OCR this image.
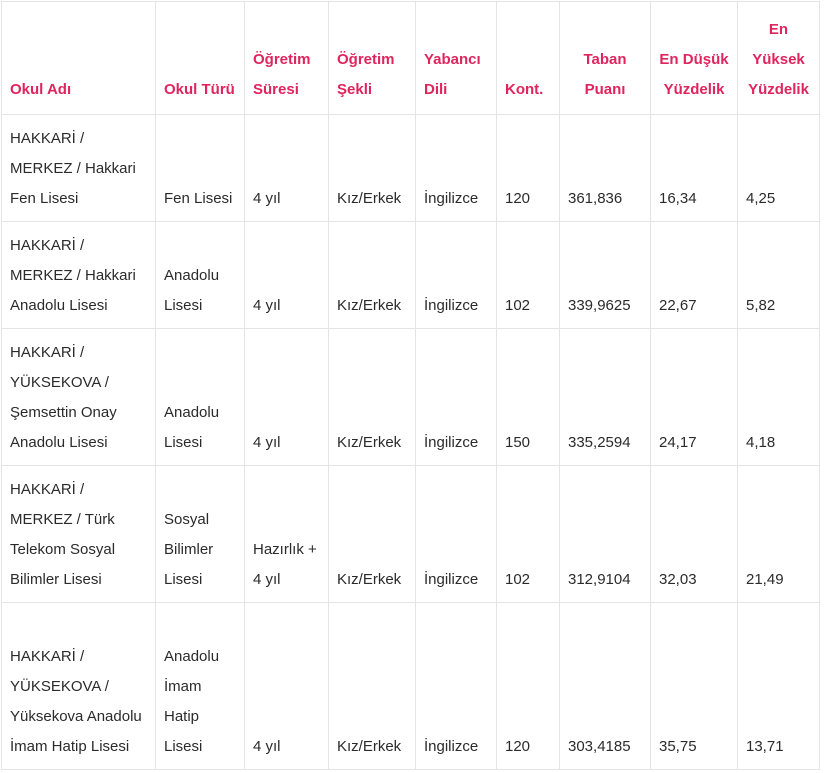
Okul Adı	Okul Türü	Öğretim Süresi	Öğretim Şekli	Yabancı Dili	Kont.	Taban Puanı	En Düşük Yüzdelik	En Yüksek Yüzdelik
HAKKARİ / MERKEZ / Hakkari Fen Lisesi	Fen Lisesi	4 yıl	Kız/Erkek	İngilizce	120	361,836	16,34	4,25
HAKKARİ / MERKEZ / Hakkari Anadolu Lisesi	Anadolu Lisesi	4 yıl	Kız/Erkek	İngilizce	102	339,9625	22,67	5,82
HAKKARİ / YÜKSEKOVA / Şemsettin Onay Anadolu Lisesi	Anadolu Lisesi	4 yıl	Kız/Erkek	İngilizce	150	335,2594	24,17	4,18
HAKKARİ / MERKEZ / Türk Telekom Sosyal Bilimler Lisesi	Sosyal Bilimler Lisesi	Hazırlık + 4 yıl	Kız/Erkek	İngilizce	102	312,9104	32,03	21,49
HAKKARİ / YÜKSEKOVA / Yüksekova Anadolu İmam Hatip Lisesi	Anadolu İmam Hatip Lisesi	4 yıl	Kız/Erkek	İngilizce	120	303,4185	35,75	13,71
